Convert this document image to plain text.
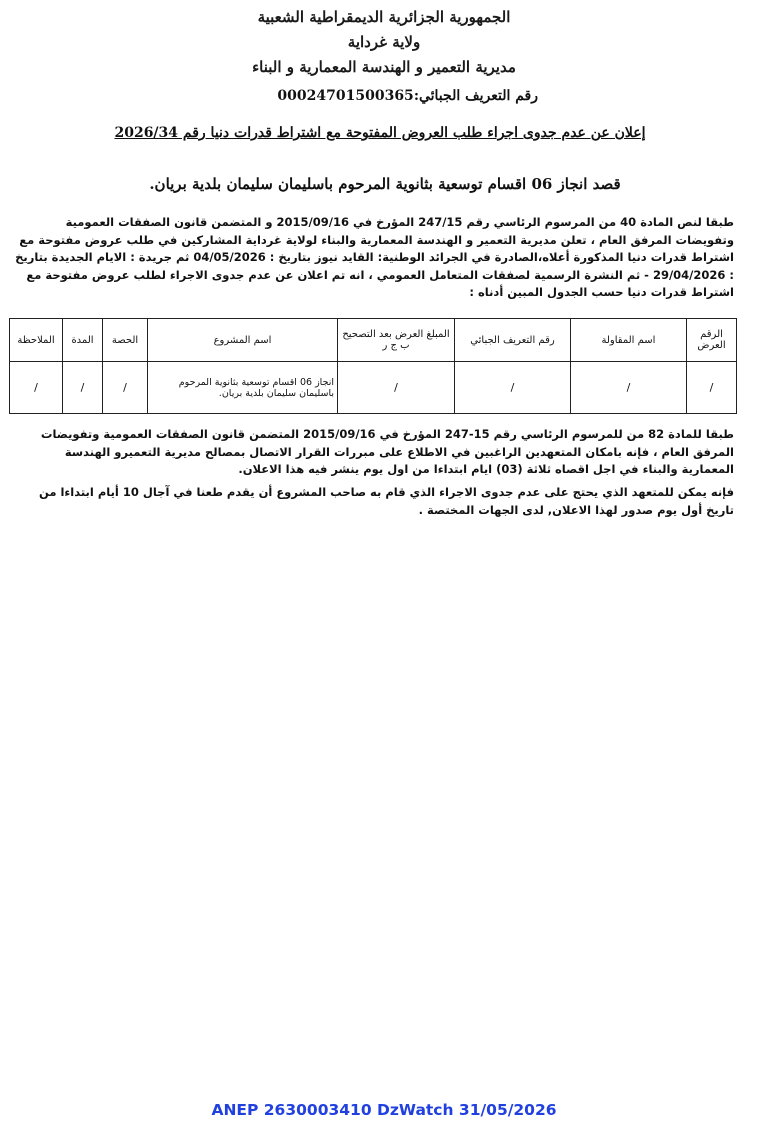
الجمهورية الجزائرية الديمقراطية الشعبية
ولاية غرداية
مديرية التعمير و الهندسة المعمارية و البناء
رقم التعريف الجبائي:00024701500365
إعلان عن عدم جدوى اجراء طلب العروض المفتوحة مع اشتراط قدرات دنيا رقم 2026/34
قصد انجاز 06 اقسام توسعية بثانوية المرحوم باسليمان سليمان بلدية بريان.
طبقا لنص المادة 40 من المرسوم الرئاسي رقم 247/15 المؤرخ في 2015/09/16 و المتضمن قانون الصفقات العمومية وتفويضات المرفق العام ، تعلن مديرية التعمير و الهندسة المعمارية والبناء لولاية غرداية المشاركين في طلب عروض مفتوحة مع اشتراط قدرات دنيا المذكورة أعلاه،الصادرة في الجرائد الوطنية: القايد نيوز بتاريخ : 04/05/2026 ثم جريدة : الايام الجديدة بتاريخ : 29/04/2026 - ثم النشرة الرسمية لصفقات المتعامل العمومي ، انه تم اعلان عن عدم جدوى الاجراء لطلب عروض مفتوحة مع اشتراط قدرات دنيا حسب الجدول المبين أدناه :
الرقم العرض	اسم المقاولة	رقم التعريف الجبائي	المبلغ العرض بعد التصحيح ب ج ر	اسم المشروع	الحصة	المدة	الملاحظة
/	/	/	/	انجاز 06 اقسام توسعية بثانوية المرحوم باسليمان سليمان بلدية بريان.	/	/	/
طبقا للمادة 82 من للمرسوم الرئاسي رقم 15-247 المؤرخ في 2015/09/16 المتضمن قانون الصفقات العمومية وتفويضات المرفق العام ، فإنه بامكان المتعهدين الراغبين في الاطلاع على مبررات القرار الاتصال بمصالح مديرية التعميرو الهندسة المعمارية والبناء في اجل اقصاه ثلاثة (03) ايام ابتداءا من اول يوم ينشر فيه هذا الاعلان.
فإنه يمكن للمتعهد الذي يحتج على عدم جدوى الاجراء الذي قام به صاحب المشروع أن يقدم طعنا في آجال 10 أيام ابتداءا من تاريخ أول يوم صدور لهذا الاعلان, لدى الجهات المختصة .
ANEP 2630003410 DzWatch 31/05/2026
